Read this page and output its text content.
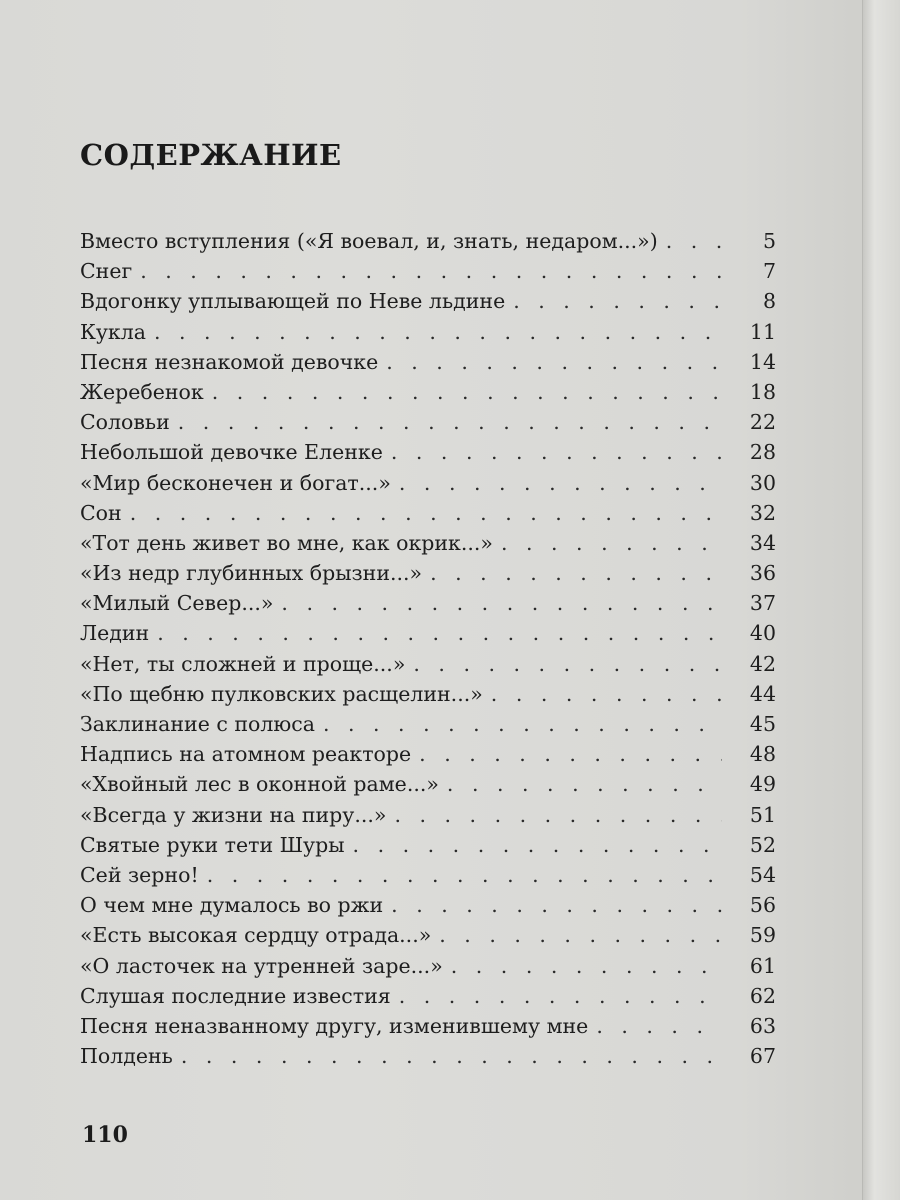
СОДЕРЖАНИЕ
Вместо вступления («Я воевал, и, знать, недаром...») . . .	5
Снег . . .	7
Вдогонку уплывающей по Неве льдине . . .	8
Кукла . . .	11
Песня незнакомой девочке . . .	14
Жеребенок . . .	18
Соловьи . . .	22
Небольшой девочке Еленке . . .	28
«Мир бесконечен и богат...» . . .	30
Сон . . .	32
«Тот день живет во мне, как окрик...» . . .	34
«Из недр глубинных брызни...» . . .	36
«Милый Север...» . . .	37
Ледин . . .	40
«Нет, ты сложней и проще...» . . .	42
«По щебню пулковских расщелин...» . . .	44
Заклинание с полюса . . .	45
Надпись на атомном реакторе . . .	48
«Хвойный лес в оконной раме...» . . .	49
«Всегда у жизни на пиру...» . . .	51
Святые руки тети Шуры . . .	52
Сей зерно! . . .	54
О чем мне думалось во ржи . . .	56
«Есть высокая сердцу отрада...» . . .	59
«О ласточек на утренней заре...» . . .	61
Слушая последние известия . . .	62
Песня неназванному другу, изменившему мне . . .	63
Полдень . . .	67

110
